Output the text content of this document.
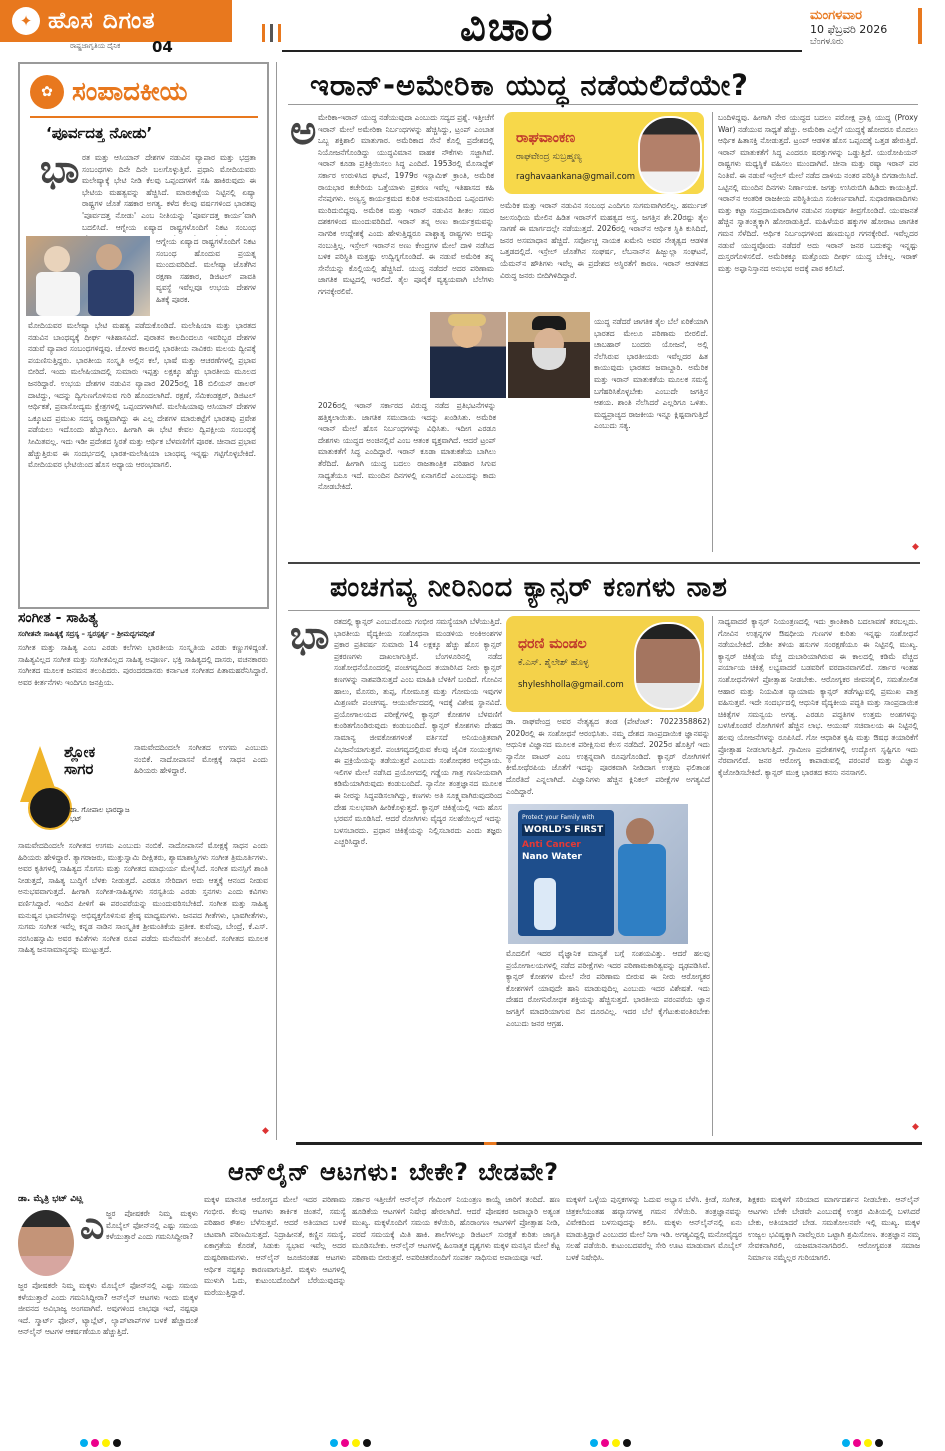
✦ ಹೊಸ ದಿಗಂತ
ರಾಷ್ಟ್ರಜಾಗೃತಿಯ ದೈನಿಕ 04	ವಿಚಾರ	ಮಂಗಳವಾರ
10 ಫೆಬ್ರವರಿ 2026
ಬೆಂಗಳೂರು
✿ ಸಂಪಾದಕೀಯ
‘ಪೂರ್ವದತ್ತ ನೋಡು’
ಭಾ ರತ ಮತ್ತು ಆಸಿಯಾನ್ ದೇಶಗಳ ನಡುವಿನ ವ್ಯಾಪಾರ ಮತ್ತು ಭದ್ರತಾ ಸಂಬಂಧಗಳು ದಿನೇ ದಿನೇ ಬಲಗೊಳ್ಳುತ್ತಿವೆ. ಪ್ರಧಾನಿ ಮೋದಿಯವರು ಮಲೇಷ್ಯಾಕ್ಕೆ ಭೇಟಿ ನೀಡಿ ಕೆಲವು ಒಪ್ಪಂದಗಳಿಗೆ ಸಹಿ ಹಾಕಿರುವುದು ಈ ಭೇಟಿಯ ಮಹತ್ವವನ್ನು ಹೆಚ್ಚಿಸಿದೆ. ಮಾರುಕಟ್ಟೆಯ ನಿಟ್ಟಿನಲ್ಲಿ ಏಷ್ಯಾ ರಾಷ್ಟ್ರಗಳ ಜೊತೆ ಸಹಕಾರ ಅಗತ್ಯ. ಕಳೆದ ಕೆಲವು ವರ್ಷಗಳಿಂದ ಭಾರತವು 'ಪೂರ್ವದತ್ತ ನೋಡು' ಎಂಬ ನೀತಿಯನ್ನು ‘ಪೂರ್ವದತ್ತ ಕಾರ್ಯ’ವಾಗಿ ಬದಲಿಸಿದೆ. ಆಗ್ನೇಯ ಏಷ್ಯಾದ ರಾಷ್ಟ್ರಗಳೊಂದಿಗೆ ನಿಕಟ ಸಂಬಂಧ
ಆಗ್ನೇಯ ಏಷ್ಯಾದ ರಾಷ್ಟ್ರಗಳೊಂದಿಗೆ ನಿಕಟ ಸಂಬಂಧ ಹೊಂದುವ ಪ್ರಯತ್ನ ಮುಂದುವರಿದಿದೆ. ಮಲೇಷ್ಯಾ ಜೊತೆಗಿನ ರಕ್ಷಣಾ ಸಹಕಾರ, ಡಿಜಿಟಲ್ ಪಾವತಿ ವ್ಯವಸ್ಥೆ ಇವೆಲ್ಲವೂ ಉಭಯ ದೇಶಗಳ ಹಿತಕ್ಕೆ ಪೂರಕ.
ಮೋದಿಯವರ ಮಲೇಷ್ಯಾ ಭೇಟಿ ಮಹತ್ವ ಪಡೆದುಕೊಂಡಿದೆ. ಮಲೇಷಿಯಾ ಮತ್ತು ಭಾರತದ ನಡುವಿನ ಬಾಂಧವ್ಯಕ್ಕೆ ದೀರ್ಘ ಇತಿಹಾಸವಿದೆ. ಪುರಾತನ ಕಾಲದಿಂದಲೂ ಇವರಿಬ್ಬರ ದೇಶಗಳ ನಡುವೆ ವ್ಯಾಪಾರ ಸಂಬಂಧಗಳಿದ್ದವು. ಚೋಳರ ಕಾಲದಲ್ಲಿ ಭಾರತೀಯ ನಾವಿಕರು ಮಲಯ ದ್ವೀಪಕ್ಕೆ ಪಯಣಿಸುತ್ತಿದ್ದರು. ಭಾರತೀಯ ಸಂಸ್ಕೃತಿ ಅಲ್ಲಿನ ಕಲೆ, ಭಾಷೆ ಮತ್ತು ಆಚರಣೆಗಳಲ್ಲಿ ಪ್ರಭಾವ ಬೀರಿದೆ. ಇಂದು ಮಲೇಷಿಯಾದಲ್ಲಿ ಸುಮಾರು ಇಪ್ಪತ್ತು ಲಕ್ಷಕ್ಕೂ ಹೆಚ್ಚು ಭಾರತೀಯ ಮೂಲದ ಜನರಿದ್ದಾರೆ. ಉಭಯ ದೇಶಗಳ ನಡುವಿನ ವ್ಯಾಪಾರ 2025ರಲ್ಲಿ 18 ಬಿಲಿಯನ್ ಡಾಲರ್ ದಾಟಿದ್ದು, ಇದನ್ನು ದ್ವಿಗುಣಗೊಳಿಸುವ ಗುರಿ ಹೊಂದಲಾಗಿದೆ. ರಕ್ಷಣೆ, ಸೆಮಿಕಂಡಕ್ಟರ್, ಡಿಜಿಟಲ್ ಆರ್ಥಿಕತೆ, ಪ್ರವಾಸೋದ್ಯಮ ಕ್ಷೇತ್ರಗಳಲ್ಲಿ ಒಪ್ಪಂದಗಳಾಗಿವೆ. ಮಲೇಷಿಯಾವು ಆಸಿಯಾನ್ ದೇಶಗಳ ಒಕ್ಕೂಟದ ಪ್ರಮುಖ ಸದಸ್ಯ ರಾಷ್ಟ್ರವಾಗಿದ್ದು ಈ ಎಲ್ಲ ದೇಶಗಳ ಮಾರುಕಟ್ಟೆಗೆ ಭಾರತವು ಪ್ರವೇಶ ಪಡೆಯಲು ಇದೊಂದು ಹೆಬ್ಬಾಗಿಲು. ಹೀಗಾಗಿ ಈ ಭೇಟಿ ಕೇವಲ ದ್ವಿಪಕ್ಷೀಯ ಸಂಬಂಧಕ್ಕೆ ಸೀಮಿತವಲ್ಲ. ಇದು ಇಡೀ ಪ್ರದೇಶದ ಸ್ಥಿರತೆ ಮತ್ತು ಆರ್ಥಿಕ ಬೆಳವಣಿಗೆಗೆ ಪೂರಕ. ಚೀನಾದ ಪ್ರಭಾವ ಹೆಚ್ಚುತ್ತಿರುವ ಈ ಸಂದರ್ಭದಲ್ಲಿ ಭಾರತ-ಮಲೇಷಿಯಾ ಬಾಂಧವ್ಯ ಇನ್ನಷ್ಟು ಗಟ್ಟಿಗೊಳ್ಳಬೇಕಿದೆ. ಮೋದಿಯವರ ಭೇಟಿಯಿಂದ ಹೊಸ ಅಧ್ಯಾಯ ಆರಂಭವಾಗಲಿ.
ಇರಾನ್-ಅಮೇರಿಕಾ ಯುದ್ಧ ನಡೆಯಲಿದೆಯೇ?
ಅ ಮೇರಿಕಾ-ಇರಾನ್ ಯುದ್ಧ ನಡೆಯುವುದಾ ಎಂಬುದು ಸದ್ಯದ ಪ್ರಶ್ನೆ. ಇತ್ತೀಚೆಗೆ ಇರಾನ್ ಮೇಲೆ ಅಮೇರಿಕಾ ನಿರ್ಬಂಧಗಳನ್ನು ಹೆಚ್ಚಿಸಿದ್ದು, ಟ್ರಂಪ್ ಎಂಬಾತ ಒಬ್ಬ ಶಕ್ತಿಶಾಲಿ ಮಾತುಗಾರ. ಅಮೆರಿಕಾದ ಸೇನೆ ಕೊಲ್ಲಿ ಪ್ರದೇಶದಲ್ಲಿ ನಿಯೋಜನೆಗೊಂಡಿದ್ದು ಯುದ್ಧವಿಮಾನ ವಾಹಕ ನೌಕೆಗಳು ಸಜ್ಜಾಗಿವೆ. ಇರಾನ್ ಕೂಡಾ ಪ್ರತಿಕ್ರಿಯಿಸಲು ಸಿದ್ಧ ಎಂದಿದೆ. 1953ರಲ್ಲಿ ಮೊಸಾದ್ದೆಕ್ ಸರ್ಕಾರ ಉರುಳಿಸಿದ ಘಟನೆ, 1979ರ ಇಸ್ಲಾಮಿಕ್ ಕ್ರಾಂತಿ, ಅಮೆರಿಕ ರಾಯಭಾರ ಕಚೇರಿಯ ಒತ್ತೆಯಾಳು ಪ್ರಕರಣ ಇವೆಲ್ಲ ಇತಿಹಾಸದ ಕಹಿ ನೆನಪುಗಳು. ಅಣ್ವಸ್ತ್ರ ಕಾರ್ಯಕ್ರಮದ ಕುರಿತ ಅನುಮಾನದಿಂದ ಒಪ್ಪಂದಗಳು ಮುರಿದುಬಿದ್ದವು. ಅಮೆರಿಕ ಮತ್ತು ಇರಾನ್ ನಡುವಿನ ಶೀತಲ ಸಮರ ದಶಕಗಳಿಂದ ಮುಂದುವರಿದಿದೆ. ಇರಾನ್ ತನ್ನ ಅಣು ಕಾರ್ಯಕ್ರಮವನ್ನು ನಾಗರಿಕ ಉದ್ದೇಶಕ್ಕೆ ಎಂದು ಹೇಳುತ್ತಿದ್ದರೂ ಪಾಶ್ಚಾತ್ಯ ರಾಷ್ಟ್ರಗಳು ಅದನ್ನು ನಂಬುತ್ತಿಲ್ಲ. ಇಸ್ರೇಲ್ ಇರಾನ್‌ನ ಅಣು ಕೇಂದ್ರಗಳ ಮೇಲೆ ದಾಳಿ ನಡೆಸಿದ ಬಳಿಕ ಪರಿಸ್ಥಿತಿ ಮತ್ತಷ್ಟು ಉದ್ವಿಗ್ನಗೊಂಡಿದೆ. ಈ ನಡುವೆ ಅಮೆರಿಕ ತನ್ನ ಸೇನೆಯನ್ನು ಕೊಲ್ಲಿಯಲ್ಲಿ ಹೆಚ್ಚಿಸಿದೆ. ಯುದ್ಧ ನಡೆದರೆ ಅದರ ಪರಿಣಾಮ ಜಾಗತಿಕ ಮಟ್ಟದಲ್ಲಿ ಇರಲಿದೆ. ತೈಲ ಪೂರೈಕೆ ವ್ಯತ್ಯಯವಾಗಿ ಬೆಲೆಗಳು ಗಗನಕ್ಕೇರಲಿವೆ.
ರಾಘವಾಂಕಣ
ರಾಘವೇಂದ್ರ ಸುಬ್ರಹ್ಮಣ್ಯ
raghavaankana@gmail.com
ಅಮೆರಿಕ ಮತ್ತು ಇರಾನ್ ನಡುವಿನ ಸಂಬಂಧ ಎಂದಿಗೂ ಸುಗಮವಾಗಿರಲಿಲ್ಲ. ಹರ್ಮುಜ್ ಜಲಸಂಧಿಯ ಮೇಲಿನ ಹಿಡಿತ ಇರಾನ್‌ಗೆ ಮಹತ್ವದ ಅಸ್ತ್ರ. ಜಗತ್ತಿನ ಶೇ.20ರಷ್ಟು ತೈಲ ಸಾಗಣೆ ಈ ಮಾರ್ಗದಲ್ಲೇ ನಡೆಯುತ್ತದೆ. 2026ರಲ್ಲಿ ಇರಾನ್‌ನ ಆರ್ಥಿಕ ಸ್ಥಿತಿ ಕುಸಿದಿದೆ, ಜನರ ಅಸಮಾಧಾನ ಹೆಚ್ಚಿದೆ. ಸರ್ವೋಚ್ಚ ನಾಯಕ ಖಮೇನಿ ಅವರ ನೇತೃತ್ವದ ಆಡಳಿತ ಒತ್ತಡದಲ್ಲಿದೆ. ಇಸ್ರೇಲ್ ಜೊತೆಗಿನ ಸಂಘರ್ಷ, ಲೆಬನಾನ್‌ನ ಹಿಜ್ಬುಲ್ಲಾ ಸಂಘಟನೆ, ಯೆಮನ್‌ನ ಹೌತಿಗಳು ಇವೆಲ್ಲ ಈ ಪ್ರದೇಶದ ಅಸ್ಥಿರತೆಗೆ ಕಾರಣ. ಇರಾನ್ ಆಡಳಿತದ ವಿರುದ್ಧ ಜನರು ಬೀದಿಗಿಳಿದಿದ್ದಾರೆ.
2026ರಲ್ಲಿ ಇರಾನ್ ಸರ್ಕಾರದ ವಿರುದ್ಧ ನಡೆದ ಪ್ರತಿಭಟನೆಗಳನ್ನು ಹತ್ತಿಕ್ಕಲಾಯಿತು. ಜಾಗತಿಕ ಸಮುದಾಯ ಇದನ್ನು ಖಂಡಿಸಿತು. ಅಮೆರಿಕ ಇರಾನ್ ಮೇಲೆ ಹೊಸ ನಿರ್ಬಂಧಗಳನ್ನು ವಿಧಿಸಿತು. ಇದೀಗ ಎರಡೂ ದೇಶಗಳು ಯುದ್ಧದ ಅಂಚಿನಲ್ಲಿವೆ ಎಂಬ ಆತಂಕ ವ್ಯಕ್ತವಾಗಿದೆ. ಆದರೆ ಟ್ರಂಪ್ ಮಾತುಕತೆಗೆ ಸಿದ್ಧ ಎಂದಿದ್ದಾರೆ. ಇರಾನ್ ಕೂಡಾ ಮಾತುಕತೆಯ ಬಾಗಿಲು ತೆರೆದಿದೆ. ಹೀಗಾಗಿ ಯುದ್ಧ ಬದಲು ರಾಜತಾಂತ್ರಿಕ ಪರಿಹಾರ ಸಿಗುವ ಸಾಧ್ಯತೆಯೂ ಇದೆ. ಮುಂದಿನ ದಿನಗಳಲ್ಲಿ ಏನಾಗಲಿದೆ ಎಂಬುದನ್ನು ಕಾದು ನೋಡಬೇಕಿದೆ.
ಯುದ್ಧ ನಡೆದರೆ ಜಾಗತಿಕ ತೈಲ ಬೆಲೆ ಏರಿಕೆಯಾಗಿ ಭಾರತದ ಮೇಲೂ ಪರಿಣಾಮ ಬೀರಲಿದೆ. ಚಾಬಹಾರ್ ಬಂದರು ಯೋಜನೆ, ಅಲ್ಲಿ ನೆಲೆಸಿರುವ ಭಾರತೀಯರು ಇವೆಲ್ಲದರ ಹಿತ ಕಾಯುವುದು ಭಾರತದ ಜವಾಬ್ದಾರಿ. ಅಮೆರಿಕ ಮತ್ತು ಇರಾನ್ ಮಾತುಕತೆಯ ಮೂಲಕ ಸಮಸ್ಯೆ ಬಗೆಹರಿಸಿಕೊಳ್ಳಬೇಕು ಎಂಬುದೇ ಜಗತ್ತಿನ ಆಶಯ. ಶಾಂತಿ ನೆಲೆಸಿದರೆ ಎಲ್ಲರಿಗೂ ಒಳಿತು. ಮಧ್ಯಪ್ರಾಚ್ಯದ ರಾಜಕೀಯ ಇನ್ನೂ ಕ್ಲಿಷ್ಟವಾಗುತ್ತಿದೆ ಎಂಬುದು ಸತ್ಯ.
ಬಂದಿಳಿದ್ದವು. ಹೀಗಾಗಿ ನೇರ ಯುದ್ಧದ ಬದಲು ಪರೋಕ್ಷ ಪ್ರಾಕ್ಸಿ ಯುದ್ಧ (Proxy War) ನಡೆಯುವ ಸಾಧ್ಯತೆ ಹೆಚ್ಚು. ಅಮೆರಿಕಾ ಎಲ್ಲೆಗೆ ಯುದ್ಧಕ್ಕೆ ಹೋದರೂ ಮೊದಲು ಆರ್ಥಿಕ ಹಿತಾಸಕ್ತಿ ನೋಡುತ್ತದೆ. ಟ್ರಂಪ್ ಆಡಳಿತ ಹೊಸ ಒಪ್ಪಂದಕ್ಕೆ ಒತ್ತಡ ಹೇರುತ್ತಿದೆ. ಇರಾನ್ ಮಾತುಕತೆಗೆ ಸಿದ್ಧ ಎಂದರೂ ಷರತ್ತುಗಳನ್ನು ಒಡ್ಡುತ್ತಿದೆ. ಯುರೋಪಿಯನ್ ರಾಷ್ಟ್ರಗಳು ಮಧ್ಯಸ್ಥಿಕೆ ವಹಿಸಲು ಮುಂದಾಗಿವೆ. ಚೀನಾ ಮತ್ತು ರಷ್ಯಾ ಇರಾನ್ ಪರ ನಿಂತಿವೆ. ಈ ನಡುವೆ ಇಸ್ರೇಲ್ ಮೇಲೆ ನಡೆದ ದಾಳಿಯ ನಂತರ ಪರಿಸ್ಥಿತಿ ಬಿಗಡಾಯಿಸಿದೆ. ಒಟ್ಟಿನಲ್ಲಿ ಮುಂದಿನ ದಿನಗಳು ನಿರ್ಣಾಯಕ. ಜಗತ್ತು ಉಸಿರುಬಿಗಿ ಹಿಡಿದು ಕಾಯುತ್ತಿದೆ. ಇರಾನ್‌ನ ಆಂತರಿಕ ರಾಜಕೀಯ ಪರಿಸ್ಥಿತಿಯೂ ಸಂಕೀರ್ಣವಾಗಿದೆ. ಸುಧಾರಣಾವಾದಿಗಳು ಮತ್ತು ಕಟ್ಟಾ ಸಂಪ್ರದಾಯವಾದಿಗಳ ನಡುವಿನ ಸಂಘರ್ಷ ತೀವ್ರಗೊಂಡಿದೆ. ಯುವಜನತೆ ಹೆಚ್ಚಿನ ಸ್ವಾತಂತ್ರ್ಯಕ್ಕಾಗಿ ಹೋರಾಡುತ್ತಿದೆ. ಮಹಿಳೆಯರ ಹಕ್ಕುಗಳ ಹೋರಾಟ ಜಾಗತಿಕ ಗಮನ ಸೆಳೆದಿದೆ. ಆರ್ಥಿಕ ನಿರ್ಬಂಧಗಳಿಂದ ಹಣದುಬ್ಬರ ಗಗನಕ್ಕೇರಿದೆ. ಇವೆಲ್ಲದರ ನಡುವೆ ಯುದ್ಧವೊಂದು ನಡೆದರೆ ಅದು ಇರಾನ್ ಜನರ ಬದುಕನ್ನು ಇನ್ನಷ್ಟು ದುಸ್ತರಗೊಳಿಸಲಿದೆ. ಅಮೆರಿಕಕ್ಕೂ ಮತ್ತೊಂದು ದೀರ್ಘ ಯುದ್ಧ ಬೇಕಿಲ್ಲ. ಇರಾಕ್ ಮತ್ತು ಅಫ್ಘಾನಿಸ್ತಾನದ ಅನುಭವ ಅದಕ್ಕೆ ಪಾಠ ಕಲಿಸಿದೆ.
◆
ಪಂಚಗವ್ಯ ನೀರಿನಿಂದ ಕ್ಯಾನ್ಸರ್ ಕಣಗಳು ನಾಶ
ಭಾ ರತದಲ್ಲಿ ಕ್ಯಾನ್ಸರ್ ಎಂಬುದೊಂದು ಗಂಭೀರ ಸಮಸ್ಯೆಯಾಗಿ ಬೆಳೆಯುತ್ತಿದೆ. ಭಾರತೀಯ ವೈದ್ಯಕೀಯ ಸಂಶೋಧನಾ ಮಂಡಳಿಯ ಅಂಕಿಅಂಶಗಳ ಪ್ರಕಾರ ಪ್ರತಿವರ್ಷ ಸುಮಾರು 14 ಲಕ್ಷಕ್ಕೂ ಹೆಚ್ಚು ಹೊಸ ಕ್ಯಾನ್ಸರ್ ಪ್ರಕರಣಗಳು ದಾಖಲಾಗುತ್ತಿವೆ. ಬೆಂಗಳೂರಿನಲ್ಲಿ ನಡೆದ ಸಂಶೋಧನೆಯೊಂದರಲ್ಲಿ ಪಂಚಗವ್ಯದಿಂದ ತಯಾರಿಸಿದ ನೀರು ಕ್ಯಾನ್ಸರ್ ಕಣಗಳನ್ನು ನಾಶಪಡಿಸುತ್ತದೆ ಎಂಬ ಮಾಹಿತಿ ಬೆಳಕಿಗೆ ಬಂದಿದೆ. ಗೋವಿನ ಹಾಲು, ಮೊಸರು, ತುಪ್ಪ, ಗೋಮೂತ್ರ ಮತ್ತು ಗೋಮಯ ಇವುಗಳ ಮಿಶ್ರಣವೇ ಪಂಚಗವ್ಯ. ಆಯುರ್ವೇದದಲ್ಲಿ ಇದಕ್ಕೆ ವಿಶೇಷ ಸ್ಥಾನವಿದೆ. ಪ್ರಯೋಗಾಲಯದ ಪರೀಕ್ಷೆಗಳಲ್ಲಿ ಕ್ಯಾನ್ಸರ್ ಕೋಶಗಳ ಬೆಳವಣಿಗೆ ಕುಂಠಿತಗೊಂಡಿರುವುದು ಕಂಡುಬಂದಿದೆ. ಕ್ಯಾನ್ಸರ್ ಕೋಶಗಳು ದೇಹದ ಸಾಮಾನ್ಯ ಜೀವಕೋಶಗಳಂತೆ ವರ್ತಿಸದೆ ಅನಿಯಂತ್ರಿತವಾಗಿ ವಿಭಜನೆಯಾಗುತ್ತವೆ. ಪಂಚಗವ್ಯದಲ್ಲಿರುವ ಕೆಲವು ಜೈವಿಕ ಸಂಯುಕ್ತಗಳು ಈ ಪ್ರಕ್ರಿಯೆಯನ್ನು ತಡೆಯುತ್ತವೆ ಎಂಬುದು ಸಂಶೋಧಕರ ಅಭಿಪ್ರಾಯ. ಇಲಿಗಳ ಮೇಲೆ ನಡೆಸಿದ ಪ್ರಯೋಗದಲ್ಲಿ ಗಡ್ಡೆಯ ಗಾತ್ರ ಗಣನೀಯವಾಗಿ ಕಡಿಮೆಯಾಗಿರುವುದು ಕಂಡುಬಂದಿದೆ. ನ್ಯಾನೋ ತಂತ್ರಜ್ಞಾನದ ಮೂಲಕ ಈ ನೀರನ್ನು ಸಿದ್ಧಪಡಿಸಲಾಗಿದ್ದು, ಕಣಗಳು ಅತಿ ಸೂಕ್ಷ್ಮವಾಗಿರುವುದರಿಂದ ದೇಹ ಸುಲಭವಾಗಿ ಹೀರಿಕೊಳ್ಳುತ್ತದೆ. ಕ್ಯಾನ್ಸರ್ ಚಿಕಿತ್ಸೆಯಲ್ಲಿ ಇದು ಹೊಸ ಭರವಸೆ ಮೂಡಿಸಿದೆ. ಆದರೆ ರೋಗಿಗಳು ವೈದ್ಯರ ಸಲಹೆಯಿಲ್ಲದೆ ಇದನ್ನು ಬಳಸಬಾರದು. ಪ್ರಧಾನ ಚಿಕಿತ್ಸೆಯನ್ನು ನಿಲ್ಲಿಸಬಾರದು ಎಂದು ತಜ್ಞರು ಎಚ್ಚರಿಸಿದ್ದಾರೆ.
ಧರಣಿ ಮಂಡಲ
ಕೆ.ಎಸ್. ಶೈಲೇಶ್ ಹೊಳ್ಳ
shyleshholla@gmail.com
ಡಾ. ರಾಘವೇಂದ್ರ ಅವರ ನೇತೃತ್ವದ ತಂಡ (ಪೇಟೆಂಟ್: 7022358862) 2020ರಲ್ಲಿ ಈ ಸಂಶೋಧನೆ ಆರಂಭಿಸಿತು. ನಮ್ಮ ದೇಶದ ಸಾಂಪ್ರದಾಯಿಕ ಜ್ಞಾನವನ್ನು ಆಧುನಿಕ ವಿಜ್ಞಾನದ ಮೂಲಕ ಪರೀಕ್ಷಿಸುವ ಕೆಲಸ ನಡೆದಿದೆ. 2025ರ ಹೊತ್ತಿಗೆ ಇದು ನ್ಯಾನೋ ವಾಟರ್ ಎಂಬ ಉತ್ಪನ್ನವಾಗಿ ರೂಪುಗೊಂಡಿದೆ. ಕ್ಯಾನ್ಸರ್ ರೋಗಿಗಳಿಗೆ ಕೀಮೋಥೆರಪಿಯ ಜೊತೆಗೆ ಇದನ್ನು ಪೂರಕವಾಗಿ ನೀಡಿದಾಗ ಉತ್ತಮ ಫಲಿತಾಂಶ ದೊರೆತಿದೆ ಎನ್ನಲಾಗಿದೆ. ವಿಜ್ಞಾನಿಗಳು ಹೆಚ್ಚಿನ ಕ್ಲಿನಿಕಲ್ ಪರೀಕ್ಷೆಗಳ ಅಗತ್ಯವಿದೆ ಎಂದಿದ್ದಾರೆ.
Protect your Family with
WORLD'S FIRST
Anti Cancer
Nano Water
ಮೊದಲಿಗೆ ಇದರ ವೈಜ್ಞಾನಿಕ ಮಾನ್ಯತೆ ಬಗ್ಗೆ ಸಂಶಯವಿತ್ತು. ಆದರೆ ಹಲವು ಪ್ರಯೋಗಾಲಯಗಳಲ್ಲಿ ನಡೆದ ಪರೀಕ್ಷೆಗಳು ಇದರ ಪರಿಣಾಮಕಾರಿತ್ವವನ್ನು ದೃಢಪಡಿಸಿವೆ. ಕ್ಯಾನ್ಸರ್ ಕೋಶಗಳ ಮೇಲೆ ನೇರ ಪರಿಣಾಮ ಬೀರುವ ಈ ನೀರು ಆರೋಗ್ಯಕರ ಕೋಶಗಳಿಗೆ ಯಾವುದೇ ಹಾನಿ ಮಾಡುವುದಿಲ್ಲ ಎಂಬುದು ಇದರ ವಿಶೇಷತೆ. ಇದು ದೇಹದ ರೋಗನಿರೋಧಕ ಶಕ್ತಿಯನ್ನು ಹೆಚ್ಚಿಸುತ್ತದೆ. ಭಾರತೀಯ ಪರಂಪರೆಯ ಜ್ಞಾನ ಜಗತ್ತಿಗೆ ಮಾದರಿಯಾಗುವ ದಿನ ದೂರವಿಲ್ಲ. ಇದರ ಬೆಲೆ ಕೈಗೆಟುಕುವಂತಿರಬೇಕು ಎಂಬುದು ಜನರ ಆಗ್ರಹ.
ಸಾಧ್ಯವಾದರೆ ಕ್ಯಾನ್ಸರ್ ನಿಯಂತ್ರಣದಲ್ಲಿ ಇದು ಕ್ರಾಂತಿಕಾರಿ ಬದಲಾವಣೆ ತರಬಲ್ಲದು. ಗೋವಿನ ಉತ್ಪನ್ನಗಳ ಔಷಧೀಯ ಗುಣಗಳ ಕುರಿತು ಇನ್ನಷ್ಟು ಸಂಶೋಧನೆ ನಡೆಯಬೇಕಿದೆ. ದೇಶೀ ತಳಿಯ ಹಸುಗಳ ಸಂರಕ್ಷಣೆಯೂ ಈ ನಿಟ್ಟಿನಲ್ಲಿ ಮುಖ್ಯ. ಕ್ಯಾನ್ಸರ್ ಚಿಕಿತ್ಸೆಯ ವೆಚ್ಚ ದುಬಾರಿಯಾಗಿರುವ ಈ ಕಾಲದಲ್ಲಿ ಕಡಿಮೆ ವೆಚ್ಚದ ಪರ್ಯಾಯ ಚಿಕಿತ್ಸೆ ಲಭ್ಯವಾದರೆ ಬಡವರಿಗೆ ವರದಾನವಾಗಲಿದೆ. ಸರ್ಕಾರ ಇಂತಹ ಸಂಶೋಧನೆಗಳಿಗೆ ಪ್ರೋತ್ಸಾಹ ನೀಡಬೇಕು. ಆರೋಗ್ಯಕರ ಜೀವನಶೈಲಿ, ಸಮತೋಲಿತ ಆಹಾರ ಮತ್ತು ನಿಯಮಿತ ವ್ಯಾಯಾಮ ಕ್ಯಾನ್ಸರ್ ತಡೆಗಟ್ಟುವಲ್ಲಿ ಪ್ರಮುಖ ಪಾತ್ರ ವಹಿಸುತ್ತವೆ. ಇದೇ ಸಂದರ್ಭದಲ್ಲಿ ಆಧುನಿಕ ವೈದ್ಯಕೀಯ ಪದ್ಧತಿ ಮತ್ತು ಸಾಂಪ್ರದಾಯಿಕ ಚಿಕಿತ್ಸೆಗಳ ಸಮನ್ವಯ ಅಗತ್ಯ. ಎರಡೂ ಪದ್ಧತಿಗಳ ಉತ್ತಮ ಅಂಶಗಳನ್ನು ಬಳಸಿಕೊಂಡರೆ ರೋಗಿಗಳಿಗೆ ಹೆಚ್ಚಿನ ಲಾಭ. ಆಯುಷ್ ಸಚಿವಾಲಯ ಈ ನಿಟ್ಟಿನಲ್ಲಿ ಹಲವು ಯೋಜನೆಗಳನ್ನು ರೂಪಿಸಿದೆ. ಗೋ ಆಧಾರಿತ ಕೃಷಿ ಮತ್ತು ಔಷಧ ತಯಾರಿಕೆಗೆ ಪ್ರೋತ್ಸಾಹ ನೀಡಲಾಗುತ್ತಿದೆ. ಗ್ರಾಮೀಣ ಪ್ರದೇಶಗಳಲ್ಲಿ ಉದ್ಯೋಗ ಸೃಷ್ಟಿಗೂ ಇದು ನೆರವಾಗಲಿದೆ. ಜನರ ಆರೋಗ್ಯ ಕಾಪಾಡುವಲ್ಲಿ ಪರಂಪರೆ ಮತ್ತು ವಿಜ್ಞಾನ ಕೈಜೋಡಿಸಬೇಕಿದೆ. ಕ್ಯಾನ್ಸರ್ ಮುಕ್ತ ಭಾರತದ ಕನಸು ನನಸಾಗಲಿ.
◆
ಸಂಗೀತ - ಸಾಹಿತ್ಯ
ಸಂಗೀತವೇ ಸಾಹಿತ್ಯಕ್ಕೆ ಸದ್ರಸ್ಯ – ಸ್ವರಸ್ಪರ್ಶ್ಯ – ಶ್ರೀಮದ್ಭಗವದ್ಗೀತೆ
ಸಂಗೀತ ಮತ್ತು ಸಾಹಿತ್ಯ ಎಂಬ ಎರಡು ಕಲೆಗಳು ಭಾರತೀಯ ಸಂಸ್ಕೃತಿಯ ಎರಡು ಕಣ್ಣುಗಳಿದ್ದಂತೆ. ಸಾಹಿತ್ಯವಿಲ್ಲದ ಸಂಗೀತ ಮತ್ತು ಸಂಗೀತವಿಲ್ಲದ ಸಾಹಿತ್ಯ ಅಪೂರ್ಣ. ಭಕ್ತಿ ಸಾಹಿತ್ಯದಲ್ಲಿ ದಾಸರು, ವಚನಕಾರರು ಸಂಗೀತದ ಮೂಲಕ ಜನಮನ ತಲುಪಿದರು. ಪುರಂದರದಾಸರು ಕರ್ನಾಟಕ ಸಂಗೀತದ ಪಿತಾಮಹರೆನಿಸಿದ್ದಾರೆ. ಅವರ ಕೀರ್ತನೆಗಳು ಇಂದಿಗೂ ಜನಪ್ರಿಯ.
ಶ್ಲೋಕ ಸಾಗರ
ಡಾ. ಗೋಪಾಲ ಭಾರದ್ವಾಜ ಭಟ್
ಸಾಮವೇದದಿಂದಲೇ ಸಂಗೀತದ ಉಗಮ ಎಂಬುದು ನಂಬಿಕೆ. ನಾದೋಪಾಸನೆ ಮೋಕ್ಷಕ್ಕೆ ಸಾಧನ ಎಂದು ಹಿರಿಯರು ಹೇಳಿದ್ದಾರೆ.
ಸಾಮವೇದದಿಂದಲೇ ಸಂಗೀತದ ಉಗಮ ಎಂಬುದು ನಂಬಿಕೆ. ನಾದೋಪಾಸನೆ ಮೋಕ್ಷಕ್ಕೆ ಸಾಧನ ಎಂದು ಹಿರಿಯರು ಹೇಳಿದ್ದಾರೆ. ತ್ಯಾಗರಾಜರು, ಮುತ್ತುಸ್ವಾಮಿ ದೀಕ್ಷಿತರು, ಶ್ಯಾಮಾಶಾಸ್ತ್ರಿಗಳು ಸಂಗೀತ ತ್ರಿಮೂರ್ತಿಗಳು. ಅವರ ಕೃತಿಗಳಲ್ಲಿ ಸಾಹಿತ್ಯದ ಸೊಗಸು ಮತ್ತು ಸಂಗೀತದ ಮಾಧುರ್ಯ ಮೇಳೈಸಿದೆ. ಸಂಗೀತ ಮನಸ್ಸಿಗೆ ಶಾಂತಿ ನೀಡುತ್ತದೆ, ಸಾಹಿತ್ಯ ಬುದ್ಧಿಗೆ ಬೆಳಕು ನೀಡುತ್ತದೆ. ಎರಡೂ ಸೇರಿದಾಗ ಅದು ಆತ್ಮಕ್ಕೆ ಆನಂದ ನೀಡುವ ಅನುಭವವಾಗುತ್ತದೆ. ಹೀಗಾಗಿ ಸಂಗೀತ-ಸಾಹಿತ್ಯಗಳು ಸರಸ್ವತಿಯ ಎರಡು ಸ್ತನಗಳು ಎಂದು ಕವಿಗಳು ವರ್ಣಿಸಿದ್ದಾರೆ. ಇಂದಿನ ಪೀಳಿಗೆ ಈ ಪರಂಪರೆಯನ್ನು ಮುಂದುವರಿಸಬೇಕಿದೆ. ಸಂಗೀತ ಮತ್ತು ಸಾಹಿತ್ಯ ಮನುಷ್ಯನ ಭಾವನೆಗಳನ್ನು ಅಭಿವ್ಯಕ್ತಗೊಳಿಸುವ ಶ್ರೇಷ್ಠ ಮಾಧ್ಯಮಗಳು. ಜನಪದ ಗೀತೆಗಳು, ಭಾವಗೀತೆಗಳು, ಸುಗಮ ಸಂಗೀತ ಇವೆಲ್ಲ ಕನ್ನಡ ನಾಡಿನ ಸಾಂಸ್ಕೃತಿಕ ಶ್ರೀಮಂತಿಕೆಯ ಪ್ರತೀಕ. ಕುವೆಂಪು, ಬೇಂದ್ರೆ, ಕೆ.ಎಸ್. ನರಸಿಂಹಸ್ವಾಮಿ ಅವರ ಕವಿತೆಗಳು ಸಂಗೀತ ರೂಪ ಪಡೆದು ಮನೆಮನೆಗೆ ತಲುಪಿವೆ. ಸಂಗೀತದ ಮೂಲಕ ಸಾಹಿತ್ಯ ಜನಸಾಮಾನ್ಯರನ್ನು ಮುಟ್ಟುತ್ತದೆ.
◆
ಆನ್‌ಲೈನ್ ಆಟಗಳು: ಬೇಕೇ? ಬೇಡವೇ?
ಡಾ. ಮೈತ್ರಿ ಭಟ್ ವಿಟ್ಲ
ಎ ಜ್ಜರ ಪೋಷಕರೇ ನಿಮ್ಮ ಮಕ್ಕಳು ಮೊಬೈಲ್ ಫೋನ್‌ನಲ್ಲಿ ಎಷ್ಟು ಸಮಯ ಕಳೆಯುತ್ತಾರೆ ಎಂದು ಗಮನಿಸಿದ್ದೀರಾ?
ಜ್ಜರ ಪೋಷಕರೇ ನಿಮ್ಮ ಮಕ್ಕಳು ಮೊಬೈಲ್ ಫೋನ್‌ನಲ್ಲಿ ಎಷ್ಟು ಸಮಯ ಕಳೆಯುತ್ತಾರೆ ಎಂದು ಗಮನಿಸಿದ್ದೀರಾ? ಆನ್‌ಲೈನ್ ಆಟಗಳು ಇಂದು ಮಕ್ಕಳ ಜೀವನದ ಅವಿಭಾಜ್ಯ ಅಂಗವಾಗಿವೆ. ಅವುಗಳಿಂದ ಲಾಭವೂ ಇದೆ, ನಷ್ಟವೂ ಇದೆ. ಸ್ಮಾರ್ಟ್ ಫೋನ್, ಟ್ಯಾಬ್ಲೆಟ್, ಲ್ಯಾಪ್‌ಟಾಪ್‌ಗಳ ಬಳಕೆ ಹೆಚ್ಚಾದಂತೆ ಆನ್‌ಲೈನ್ ಆಟಗಳ ಆಕರ್ಷಣೆಯೂ ಹೆಚ್ಚುತ್ತಿದೆ.
ಮಕ್ಕಳ ಮಾನಸಿಕ ಆರೋಗ್ಯದ ಮೇಲೆ ಇದರ ಪರಿಣಾಮ ಗಂಭೀರ. ಕೆಲವು ಆಟಗಳು ತಾರ್ಕಿಕ ಚಿಂತನೆ, ಸಮಸ್ಯೆ ಪರಿಹಾರ ಕೌಶಲ ಬೆಳೆಸುತ್ತವೆ. ಆದರೆ ಅತಿಯಾದ ಬಳಕೆ ಚಟವಾಗಿ ಪರಿಣಮಿಸುತ್ತದೆ. ನಿದ್ರಾಹೀನತೆ, ಕಣ್ಣಿನ ಸಮಸ್ಯೆ, ಏಕಾಗ್ರತೆಯ ಕೊರತೆ, ಸಿಡುಕು ಸ್ವಭಾವ ಇವೆಲ್ಲ ಅದರ ದುಷ್ಪರಿಣಾಮಗಳು. ಆನ್‌ಲೈನ್ ಜೂಜಿನಂತಹ ಆಟಗಳು ಆರ್ಥಿಕ ನಷ್ಟಕ್ಕೂ ಕಾರಣವಾಗುತ್ತಿವೆ. ಮಕ್ಕಳು ಆಟಗಳಲ್ಲಿ ಮುಳುಗಿ ಓದು, ಕುಟುಂಬದೊಂದಿಗೆ ಬೆರೆಯುವುದನ್ನು ಮರೆಯುತ್ತಿದ್ದಾರೆ.
ಸರ್ಕಾರ ಇತ್ತೀಚೆಗೆ ಆನ್‌ಲೈನ್ ಗೇಮಿಂಗ್ ನಿಯಂತ್ರಣ ಕಾಯ್ದೆ ಜಾರಿಗೆ ತಂದಿದೆ. ಹಣ ಹೂಡಿಕೆಯ ಆಟಗಳಿಗೆ ನಿಷೇಧ ಹೇರಲಾಗಿದೆ. ಆದರೆ ಪೋಷಕರ ಜವಾಬ್ದಾರಿ ಅತ್ಯಂತ ಮುಖ್ಯ. ಮಕ್ಕಳೊಂದಿಗೆ ಸಮಯ ಕಳೆಯಿರಿ, ಹೊರಾಂಗಣ ಆಟಗಳಿಗೆ ಪ್ರೋತ್ಸಾಹ ನೀಡಿ, ಪರದೆ ಸಮಯಕ್ಕೆ ಮಿತಿ ಹಾಕಿ. ಶಾಲೆಗಳಲ್ಲೂ ಡಿಜಿಟಲ್ ಸುರಕ್ಷತೆ ಕುರಿತು ಜಾಗೃತಿ ಮೂಡಿಸಬೇಕು. ಆನ್‌ಲೈನ್ ಆಟಗಳಲ್ಲಿ ಹಿಂಸಾತ್ಮಕ ದೃಶ್ಯಗಳು ಮಕ್ಕಳ ಮನಸ್ಸಿನ ಮೇಲೆ ಕೆಟ್ಟ ಪರಿಣಾಮ ಬೀರುತ್ತವೆ. ಅಪರಿಚಿತರೊಂದಿಗೆ ಸಂಪರ್ಕ ಸಾಧಿಸುವ ಅಪಾಯವೂ ಇದೆ.
ಮಕ್ಕಳಿಗೆ ಒಳ್ಳೆಯ ಪುಸ್ತಕಗಳನ್ನು ಓದುವ ಅಭ್ಯಾಸ ಬೆಳೆಸಿ. ಕ್ರೀಡೆ, ಸಂಗೀತ, ಚಿತ್ರಕಲೆಯಂತಹ ಹವ್ಯಾಸಗಳತ್ತ ಗಮನ ಸೆಳೆಯಿರಿ. ತಂತ್ರಜ್ಞಾನವನ್ನು ವಿವೇಕದಿಂದ ಬಳಸುವುದನ್ನು ಕಲಿಸಿ. ಮಕ್ಕಳು ಆನ್‌ಲೈನ್‌ನಲ್ಲಿ ಏನು ಮಾಡುತ್ತಿದ್ದಾರೆ ಎಂಬುದರ ಮೇಲೆ ನಿಗಾ ಇಡಿ. ಅಗತ್ಯವಿದ್ದಲ್ಲಿ ಮನೋವೈದ್ಯರ ಸಲಹೆ ಪಡೆಯಿರಿ. ಕುಟುಂಬದವರೆಲ್ಲ ಸೇರಿ ಊಟ ಮಾಡುವಾಗ ಮೊಬೈಲ್ ಬಳಕೆ ನಿಷೇಧಿಸಿ.
ಶಿಕ್ಷಕರು ಮಕ್ಕಳಿಗೆ ಸರಿಯಾದ ಮಾರ್ಗದರ್ಶನ ನೀಡಬೇಕು. ಆನ್‌ಲೈನ್ ಆಟಗಳು ಬೇಕೇ ಬೇಡವೇ ಎಂಬುದಕ್ಕೆ ಉತ್ತರ ಮಿತಿಯಲ್ಲಿ ಬಳಸಿದರೆ ಬೇಕು, ಅತಿಯಾದರೆ ಬೇಡ. ಸಮತೋಲನವೇ ಇಲ್ಲಿ ಮುಖ್ಯ. ಮಕ್ಕಳ ಉಜ್ವಲ ಭವಿಷ್ಯಕ್ಕಾಗಿ ನಾವೆಲ್ಲರೂ ಒಟ್ಟಾಗಿ ಶ್ರಮಿಸೋಣ. ತಂತ್ರಜ್ಞಾನ ನಮ್ಮ ಸೇವಕನಾಗಿರಲಿ, ಯಜಮಾನನಾಗದಿರಲಿ. ಆರೋಗ್ಯವಂತ ಸಮಾಜ ನಿರ್ಮಾಣ ನಮ್ಮೆಲ್ಲರ ಗುರಿಯಾಗಲಿ.
